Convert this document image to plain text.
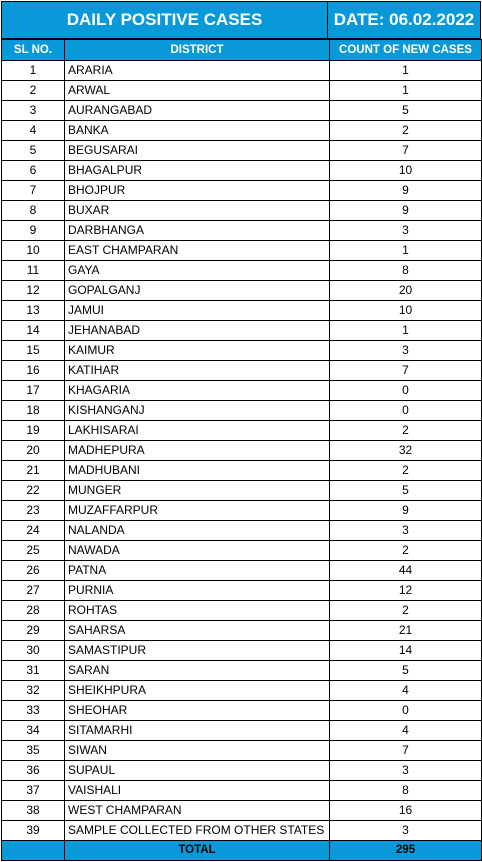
DAILY POSITIVE CASES	DATE: 06.02.2022
SL NO.	DISTRICT	COUNT OF NEW CASES
1	ARARIA	1
2	ARWAL	1
3	AURANGABAD	5
4	BANKA	2
5	BEGUSARAI	7
6	BHAGALPUR	10
7	BHOJPUR	9
8	BUXAR	9
9	DARBHANGA	3
10	EAST CHAMPARAN	1
11	GAYA	8
12	GOPALGANJ	20
13	JAMUI	10
14	JEHANABAD	1
15	KAIMUR	3
16	KATIHAR	7
17	KHAGARIA	0
18	KISHANGANJ	0
19	LAKHISARAI	2
20	MADHEPURA	32
21	MADHUBANI	2
22	MUNGER	5
23	MUZAFFARPUR	9
24	NALANDA	3
25	NAWADA	2
26	PATNA	44
27	PURNIA	12
28	ROHTAS	2
29	SAHARSA	21
30	SAMASTIPUR	14
31	SARAN	5
32	SHEIKHPURA	4
33	SHEOHAR	0
34	SITAMARHI	4
35	SIWAN	7
36	SUPAUL	3
37	VAISHALI	8
38	WEST CHAMPARAN	16
39	SAMPLE COLLECTED FROM OTHER STATES	3
	TOTAL	295
